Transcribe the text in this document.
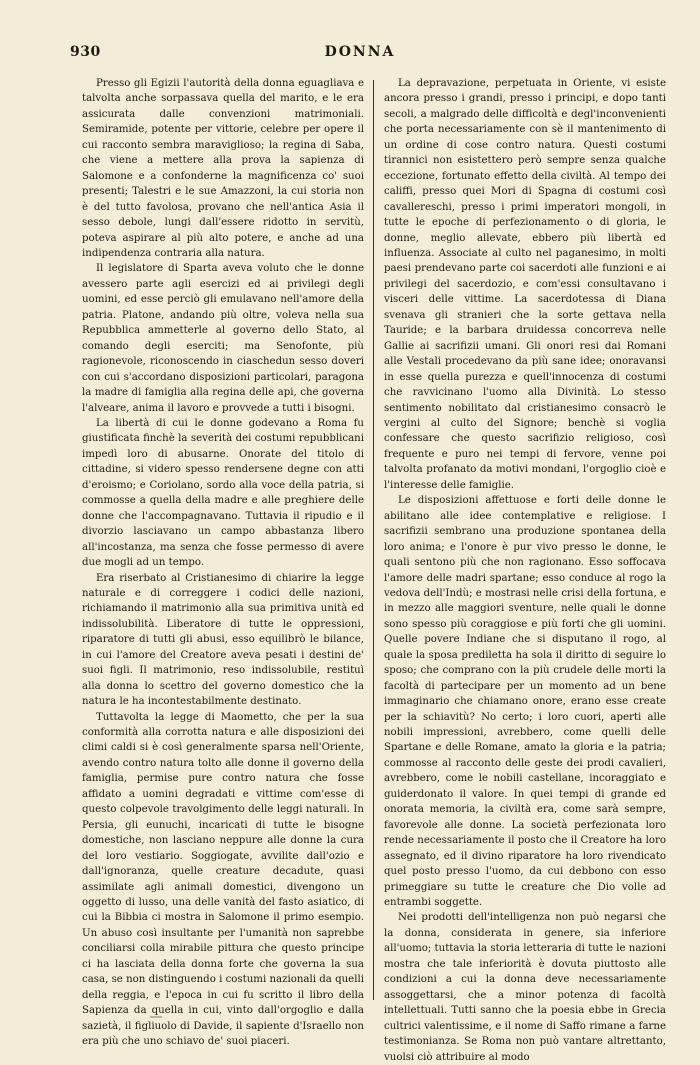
930	DONNA

Presso gli Egizii l'autorità della donna eguagliava e talvolta anche sorpassava quella del marito, e le era assicurata dalle convenzioni matrimoniali. Semiramide, potente per vittorie, celebre per opere il cui racconto sembra maraviglioso; la regina di Saba, che viene a mettere alla prova la sapienza di Salomone e a confonderne la magnificenza co' suoi presenti; Talestri e le sue Amazzoni, la cui storia non è del tutto favolosa, provano che nell'antica Asia il sesso debole, lungi dall'essere ridotto in servitù, poteva aspirare al più alto potere, e anche ad una indipendenza contraria alla natura.

Il legislatore di Sparta aveva voluto che le donne avessero parte agli esercizi ed ai privilegi degli uomini, ed esse perciò gli emulavano nell'amore della patria. Platone, andando più oltre, voleva nella sua Repubblica ammetterle al governo dello Stato, al comando degli eserciti; ma Senofonte, più ragionevole, riconoscendo in ciaschedun sesso doveri con cui s'accordano disposizioni particolari, paragona la madre di famiglia alla regina delle api, che governa l'alveare, anima il lavoro e provvede a tutti i bisogni.

La libertà di cui le donne godevano a Roma fu giustificata finchè la severità dei costumi repubblicani impedì loro di abusarne. Onorate del titolo di cittadine, si videro spesso rendersene degne con atti d'eroismo; e Coriolano, sordo alla voce della patria, si commosse a quella della madre e alle preghiere delle donne che l'accompagnavano. Tuttavia il ripudio e il divorzio lasciavano un campo abbastanza libero all'incostanza, ma senza che fosse permesso di avere due mogli ad un tempo.

Era riserbato al Cristianesimo di chiarire la legge naturale e di correggere i codici delle nazioni, richiamando il matrimonio alla sua primitiva unità ed indissolubilità. Liberatore di tutte le oppressioni, riparatore di tutti gli abusi, esso equilibrò le bilance, in cui l'amore del Creatore aveva pesati i destini de' suoi figli. Il matrimonio, reso indissolubile, restituì alla donna lo scettro del governo domestico che la natura le ha incontestabilmente destinato.

Tuttavolta la legge di Maometto, che per la sua conformità alla corrotta natura e alle disposizioni dei climi caldi si è così generalmente sparsa nell'Oriente, avendo contro natura tolto alle donne il governo della famiglia, permise pure contro natura che fosse affidato a uomini degradati e vittime com'esse di questo colpevole travolgimento delle leggi naturali. In Persia, gli eunuchi, incaricati di tutte le bisogne domestiche, non lasciano neppure alle donne la cura del loro vestiario. Soggiogate, avvilite dall'ozio e dall'ignoranza, quelle creature decadute, quasi assimilate agli animali domestici, divengono un oggetto di lusso, una delle vanità del fasto asiatico, di cui la Bibbia ci mostra in Salomone il primo esempio. Un abuso così insultante per l'umanità non saprebbe conciliarsi colla mirabile pittura che questo principe ci ha lasciata della donna forte che governa la sua casa, se non distinguendo i costumi nazionali da quelli della reggia, e l'epoca in cui fu scritto il libro della Sapienza da quella in cui, vinto dall'orgoglio e dalla sazietà, il figliuolo di Davide, il sapiente d'Israello non era più che uno schiavo de' suoi piaceri.

La depravazione, perpetuata in Oriente, vi esiste ancora presso i grandi, presso i principi, e dopo tanti secoli, a malgrado delle difficoltà e degl'inconvenienti che porta necessariamente con sè il mantenimento di un ordine di cose contro natura. Questi costumi tirannici non esistettero però sempre senza qualche eccezione, fortunato effetto della civiltà. Al tempo dei califfi, presso quei Mori di Spagna di costumi così cavallereschi, presso i primi imperatori mongoli, in tutte le epoche di perfezionamento o di gloria, le donne, meglio allevate, ebbero più libertà ed influenza. Associate al culto nel paganesimo, in molti paesi prendevano parte coi sacerdoti alle funzioni e ai privilegi del sacerdozio, e com'essi consultavano i visceri delle vittime. La sacerdotessa di Diana svenava gli stranieri che la sorte gettava nella Tauride; e la barbara druidessa concorreva nelle Gallie ai sacrifizii umani. Gli onori resi dai Romani alle Vestali procedevano da più sane idee; onoravansi in esse quella purezza e quell'innocenza di costumi che ravvicinano l'uomo alla Divinità. Lo stesso sentimento nobilitato dal cristianesimo consacrò le vergini al culto del Signore; benchè si voglia confessare che questo sacrifizio religioso, così frequente e puro nei tempi di fervore, venne poi talvolta profanato da motivi mondani, l'orgoglio cioè e l'interesse delle famiglie.

Le disposizioni affettuose e forti delle donne le abilitano alle idee contemplative e religiose. I sacrifizii sembrano una produzione spontanea della loro anima; e l'onore è pur vivo presso le donne, le quali sentono più che non ragionano. Esso soffocava l'amore delle madri spartane; esso conduce al rogo la vedova dell'Indù; e mostrasi nelle crisi della fortuna, e in mezzo alle maggiori sventure, nelle quali le donne sono spesso più coraggiose e più forti che gli uomini. Quelle povere Indiane che si disputano il rogo, al quale la sposa prediletta ha sola il diritto di seguire lo sposo; che comprano con la più crudele delle morti la facoltà di partecipare per un momento ad un bene immaginario che chiamano onore, erano esse create per la schiavitù? No certo; i loro cuori, aperti alle nobili impressioni, avrebbero, come quelli delle Spartane e delle Romane, amato la gloria e la patria; commosse al racconto delle geste dei prodi cavalieri, avrebbero, come le nobili castellane, incoraggiato e guiderdonato il valore. In quei tempi di grande ed onorata memoria, la civiltà era, come sarà sempre, favorevole alle donne. La società perfezionata loro rende necessariamente il posto che il Creatore ha loro assegnato, ed il divino riparatore ha loro rivendicato quel posto presso l'uomo, da cui debbono con esso primeggiare su tutte le creature che Dio volle ad entrambi soggette.

Nei prodotti dell'intelligenza non può negarsi che la donna, considerata in genere, sia inferiore all'uomo; tuttavia la storia letteraria di tutte le nazioni mostra che tale inferiorità è dovuta piuttosto alle condizioni a cui la donna deve necessariamente assoggettarsi, che a minor potenza di facoltà intellettuali. Tutti sanno che la poesia ebbe in Grecia cultrici valentissime, e il nome di Saffo rimane a farne testimonianza. Se Roma non può vantare altrettanto, vuolsi ciò attribuire al modo
